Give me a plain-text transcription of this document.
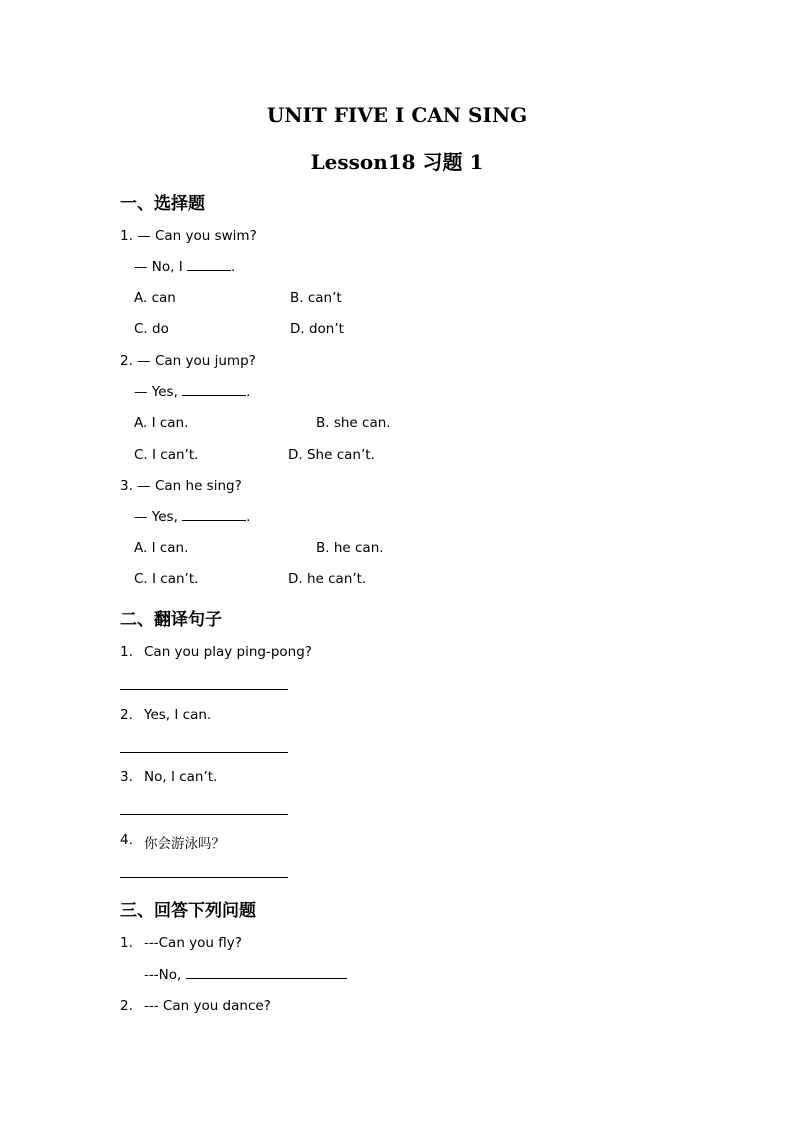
UNIT FIVE I CAN SING
Lesson18 习题 1
一、选择题
1. — Can you swim?
— No, I	.
A. can	B. can’t
C. do	D. don’t
2. — Can you jump?
— Yes,	.
A. I can.	B. she can.
C. I can’t.	D. She can’t.
3. — Can he sing?
— Yes,	.
A. I can.	B. he can.
C. I can’t.	D. he can’t.
二、翻译句子
1. Can you play ping-pong?
2. Yes, I can.
3. No, I can’t.
4. 你会游泳吗？
三、回答下列问题
1. ---Can you fly?
---No,
2. --- Can you dance?
